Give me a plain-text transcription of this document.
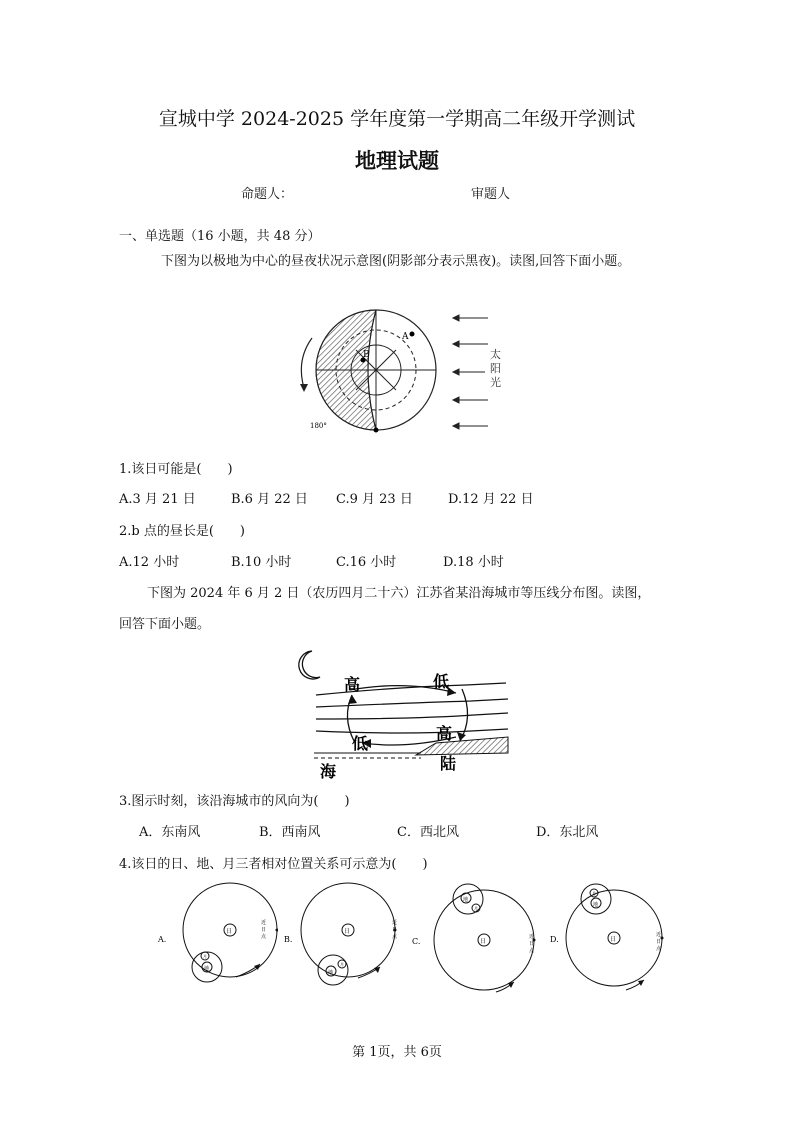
宣城中学 2024-2025 学年度第一学期高二年级开学测试
地理试题
命题人：	审题人
一、单选题（16 小题，共 48 分）
下图为以极地为中心的昼夜状况示意图(阴影部分表示黑夜)。读图,回答下面小题。
A
B
180°
太
阳
光
1.该日可能是(　　)
A.3 月 21 日	B.6 月 22 日 C.9 月 23 日	D.12 月 22 日
2.b 点的昼长是(　　)
A.12 小时	B.10 小时	C.16 小时	D.18 小时
下图为 2024 年 6 月 2 日（农历四月二十六）江苏省某沿海城市等压线分布图。读图，
回答下面小题。
高	低
高
低
海	陆
3.图示时刻，该沿海城市的风向为(　　)
A．东南风	B．西南风	C．西北风	D．东北风
4.该日的日、地、月三者相对位置关系可示意为(　　)
A.
日
地
月
近
日
点 B.
日
地
月
近
日
点 C.	日
地
月
近
日
点
D.	日
地
月
近
日
点
第 1页，共 6页
